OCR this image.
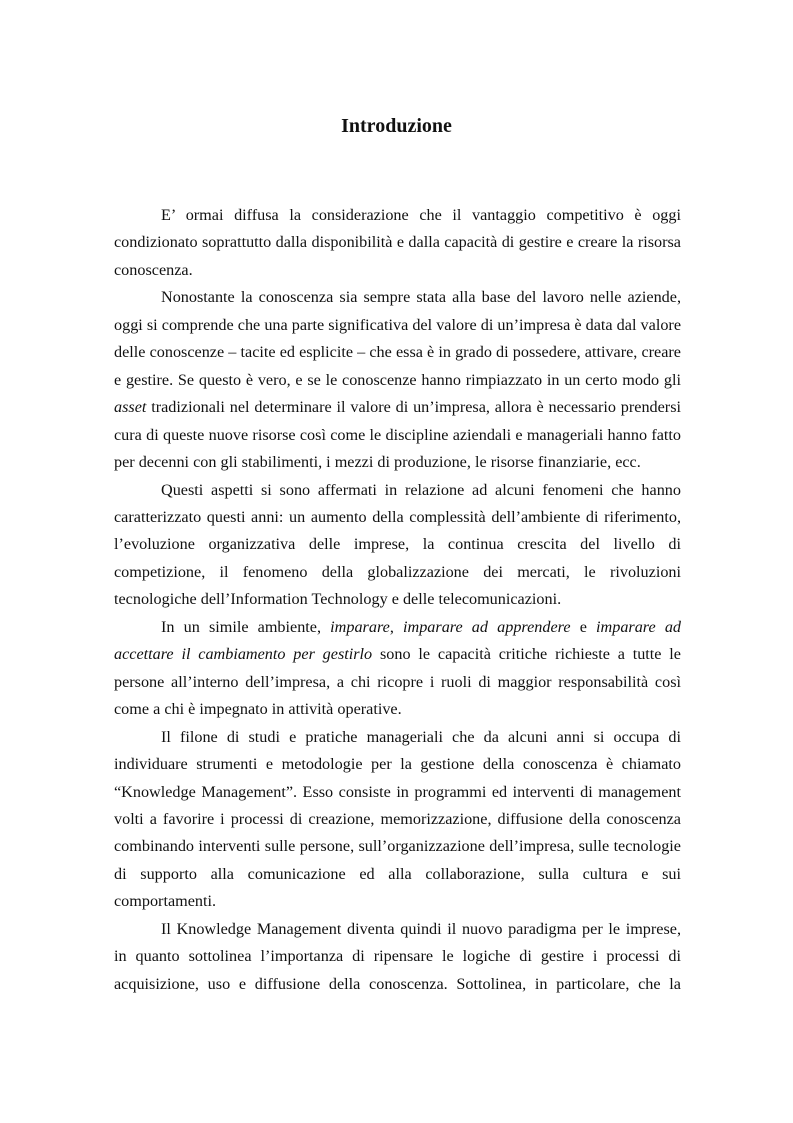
Introduzione

E’ ormai diffusa la considerazione che il vantaggio competitivo è oggi condizionato soprattutto dalla disponibilità e dalla capacità di gestire e creare la risorsa conoscenza.

Nonostante la conoscenza sia sempre stata alla base del lavoro nelle aziende, oggi si comprende che una parte significativa del valore di un’impresa è data dal valore delle conoscenze – tacite ed esplicite – che essa è in grado di possedere, attivare, creare e gestire. Se questo è vero, e se le conoscenze hanno rimpiazzato in un certo modo gli asset tradizionali nel determinare il valore di un’impresa, allora è necessario prendersi cura di queste nuove risorse così come le discipline aziendali e manageriali hanno fatto per decenni con gli stabilimenti, i mezzi di produzione, le risorse finanziarie, ecc.

Questi aspetti si sono affermati in relazione ad alcuni fenomeni che hanno caratterizzato questi anni: un aumento della complessità dell’ambiente di riferimento, l’evoluzione organizzativa delle imprese, la continua crescita del livello di competizione, il fenomeno della globalizzazione dei mercati, le rivoluzioni tecnologiche dell’Information Technology e delle telecomunicazioni.

In un simile ambiente, imparare, imparare ad apprendere e imparare ad accettare il cambiamento per gestirlo sono le capacità critiche richieste a tutte le persone all’interno dell’impresa, a chi ricopre i ruoli di maggior responsabilità così come a chi è impegnato in attività operative.

Il filone di studi e pratiche manageriali che da alcuni anni si occupa di individuare strumenti e metodologie per la gestione della conoscenza è chiamato “Knowledge Management”. Esso consiste in programmi ed interventi di management volti a favorire i processi di creazione, memorizzazione, diffusione della conoscenza combinando interventi sulle persone, sull’organizzazione dell’impresa, sulle tecnologie di supporto alla comunicazione ed alla collaborazione, sulla cultura e sui comportamenti.

Il Knowledge Management diventa quindi il nuovo paradigma per le imprese, in quanto sottolinea l’importanza di ripensare le logiche di gestire i processi di acquisizione, uso e diffusione della conoscenza. Sottolinea, in particolare, che la
